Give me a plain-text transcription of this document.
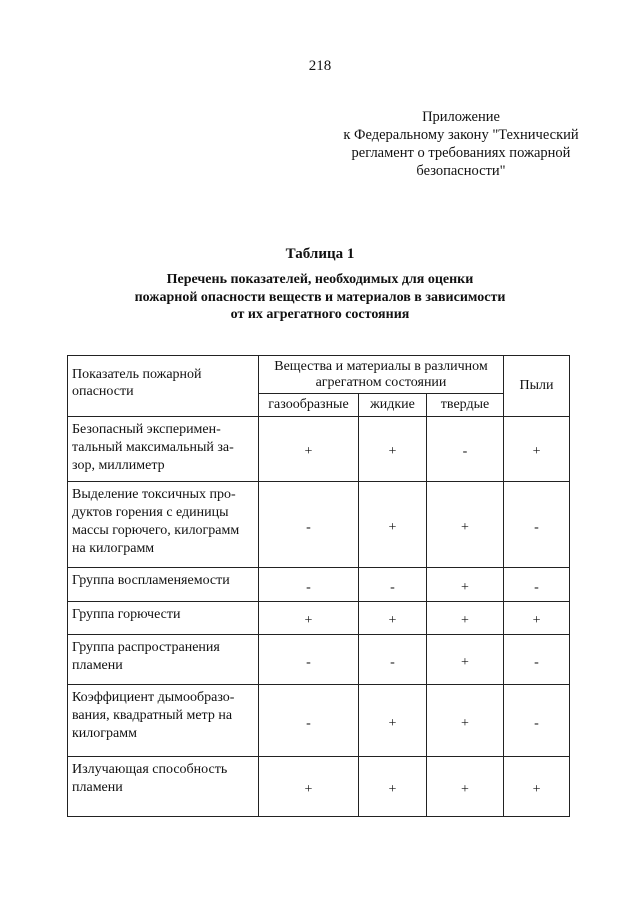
218
Приложение
к Федеральному закону "Технический
регламент о требованиях пожарной
безопасности"
Таблица 1
Перечень показателей, необходимых для оценки
пожарной опасности веществ и материалов в зависимости
от их агрегатного состояния
Показатель пожарной опасности	Вещества и материалы в различном
агрегатном состоянии			Пыли
	газообразные	жидкие	твердые	

Безопасный эксперимен-
тальный максимальный за-
зор, миллиметр	+	+	-	+

Выделение токсичных про-
дуктов горения с единицы
массы горючего, килограмм
на килограмм	-	+	+	-

Группа воспламеняемости	-	-	+	-

Группа горючести	+	+	+	+

Группа распространения
пламени	-	-	+	-

Коэффициент дымообразо-
вания, квадратный метр на
килограмм	-	+	+	-

Излучающая способность
пламени	+	+	+	+
